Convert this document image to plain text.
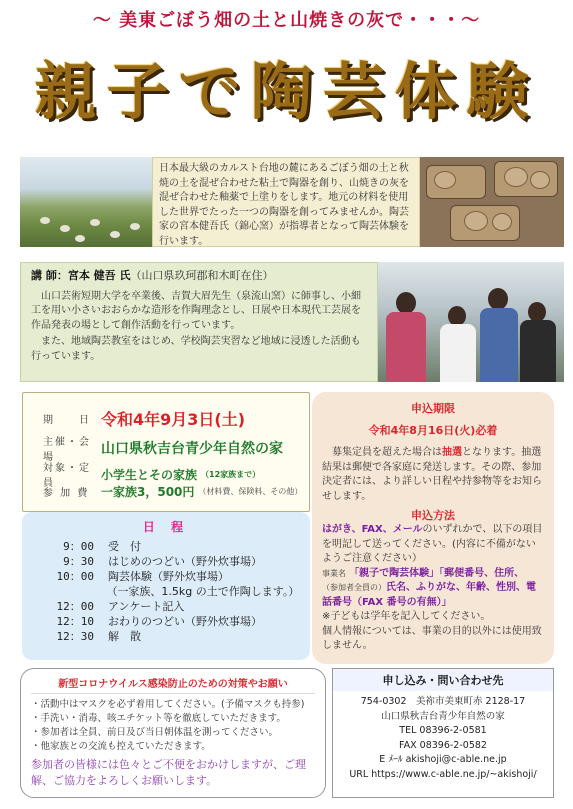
〜 美東ごぼう畑の土と山焼きの灰で・・・〜
親子で陶芸体験
日本最大級のカルスト台地の麓にあるごぼう畑の土と秋焼の土を混ぜ合わせた粘土で陶器を創り、山焼きの灰を混ぜ合わせた釉薬で上塗りをします。地元の材料を使用した世界でたった一つの陶器を創ってみませんか。陶芸家の宮本健吾氏（錦心窯）が指導者となって陶芸体験を行います。
講 師：宮本 健吾 氏（山口県玖珂郡和木町在住）

山口芸術短期大学を卒業後、吉賀大眉先生（泉流山窯）に師事し、小細工を用い小さいおおらかな造形を作陶理念とし、日展や日本現代工芸展を作品発表の場として創作活動を行っています。

また、地域陶芸教室をはじめ、学校陶芸実習など地域に浸透した活動も行っています。

期　　日 令和4年9月3日(土)
主催・会場
山口県秋吉台青少年自然の家
対象・定員
小学生とその家族 （12家族まで）
参 加 費 一家族3，500円 （材料費、保険料、その他）
日 程
9：00	受　付
9：30	はじめのつどい（野外炊事場）
10：00	陶芸体験（野外炊事場）
（一家族、1.5kg の土で作陶します。）
12：00	アンケート記入
12：10	おわりのつどい（野外炊事場）
12：30	解　散
申込期限
令和4年8月16日(火)必着
募集定員を超えた場合は抽選となります。抽選結果は郵便で各家庭に発送します。その際、参加決定者には、より詳しい日程や持参物等をお知らせします。
申込方法
はがき、FAX、メールのいずれかで、以下の項目を明記して送ってください。(内容に不備がないようご注意ください）
事業名 「親子で陶芸体験」「郵便番号、住所、
（参加者全員の）氏名、ふりがな、年齢、性別、電話番号（FAX 番号の有無）」
※子どもは学年を記入してください。
個人情報については、事業の目的以外には使用致しません。
新型コロナウイルス感染防止のための対策やお願い
・活動中はマスクを必ず着用してください。(予備マスクも持参)
・手洗い・消毒、咳エチケット等を徹底していただきます。
・参加者は全員、前日及び当日朝体温を測ってください。
・他家族との交流も控えていただきます。
参加者の皆様には色々とご不便をおかけしますが、ご理解、ご協力をよろしくお願いします。
申し込み・問い合わせ先
754-0302　美祢市美東町赤 2128-17
山口県秋吉台青少年自然の家
TEL 08396-2-0581
FAX 08396-2-0582
E ﾒｰﾙ akishoji@c-able.ne.jp
URL https://www.c-able.ne.jp/~akishoji/
